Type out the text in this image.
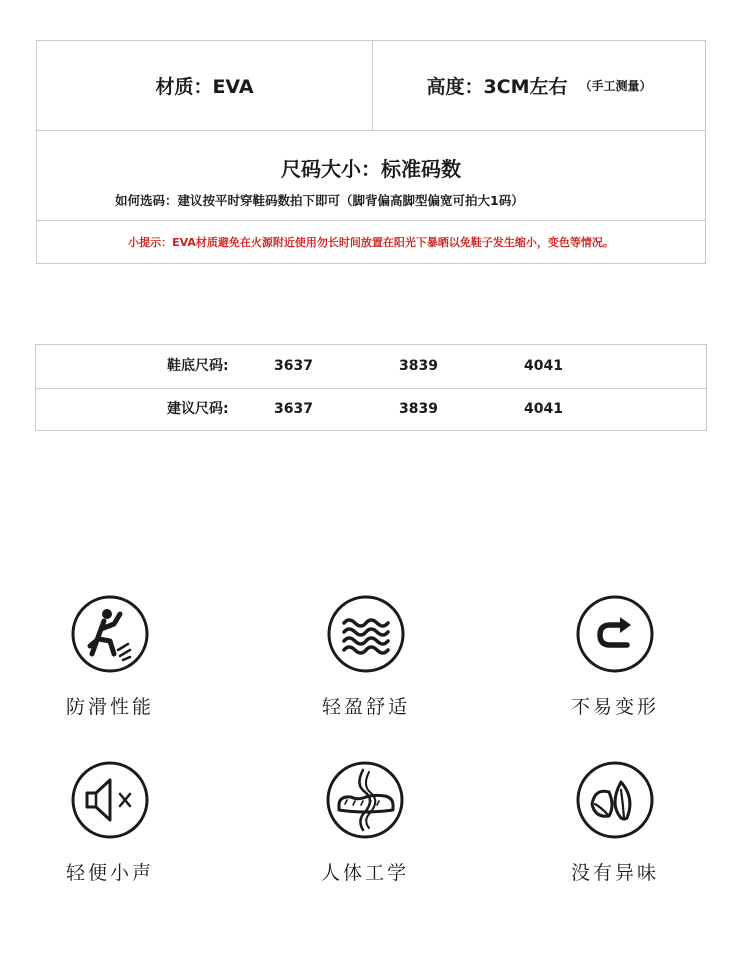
材质：EVA	高度：3CM左右 （手工测量）
尺码大小：标准码数
如何选码：建议按平时穿鞋码数拍下即可（脚背偏高脚型偏宽可拍大1码）
小提示：EVA材质避免在火源附近使用勿长时间放置在阳光下暴晒以免鞋子发生缩小，变色等情况。
鞋底尺码:	3637	3839	4041
建议尺码:	3637	3839	4041
防滑性能	轻盈舒适	不易变形
轻便小声	人体工学	没有异味
